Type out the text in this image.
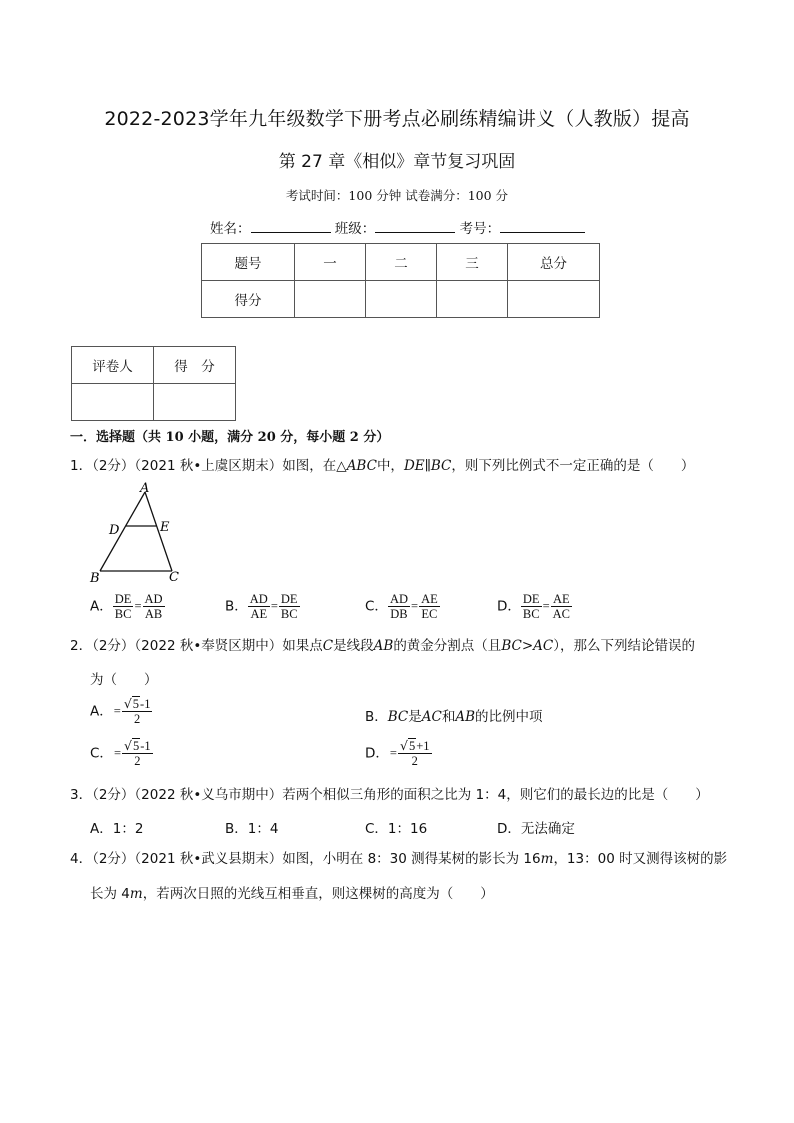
2022-2023学年九年级数学下册考点必刷练精编讲义（人教版）提高
第 27 章《相似》章节复习巩固
考试时间：100 分钟 试卷满分：100 分
姓名：	班级：	考号：
题号	一	二	三	总分
得分				
评卷人	得　分

一．选择题（共 10 小题，满分 20 分，每小题 2 分）
1．（2分）（2021 秋•上虞区期末）如图，在△ABC中，DE∥BC，则下列比例式不一定正确的是（　　）
A
D	E
B	C
A． $\frac{DE}{BC} = \frac{AD}{AB}$	B． $\frac{AD}{AE} = \frac{DE}{BC}$	C． $\frac{AD}{DB} = \frac{AE}{EC}$	D． $\frac{DE}{BC} = \frac{AE}{AC}$
2．（2分）（2022 秋•奉贤区期中）如果点C是线段AB的黄金分割点（且BC>AC），那么下列结论错误的
为（　　）
A．= $\frac{√5-1}{2}$	B．BC是AC和AB的比例中项
C．= $\frac{√5-1}{2}$	D．= $\frac{√5+1}{2}$
3．（2分）（2022 秋•义乌市期中）若两个相似三角形的面积之比为 1：4，则它们的最长边的比是（　　）
A．1：2	B．1：4	C．1：16	D．无法确定
4．（2分）（2021 秋•武义县期末）如图，小明在 8：30 测得某树的影长为 16m，13：00 时又测得该树的影
长为 4m，若两次日照的光线互相垂直，则这棵树的高度为（　　）
